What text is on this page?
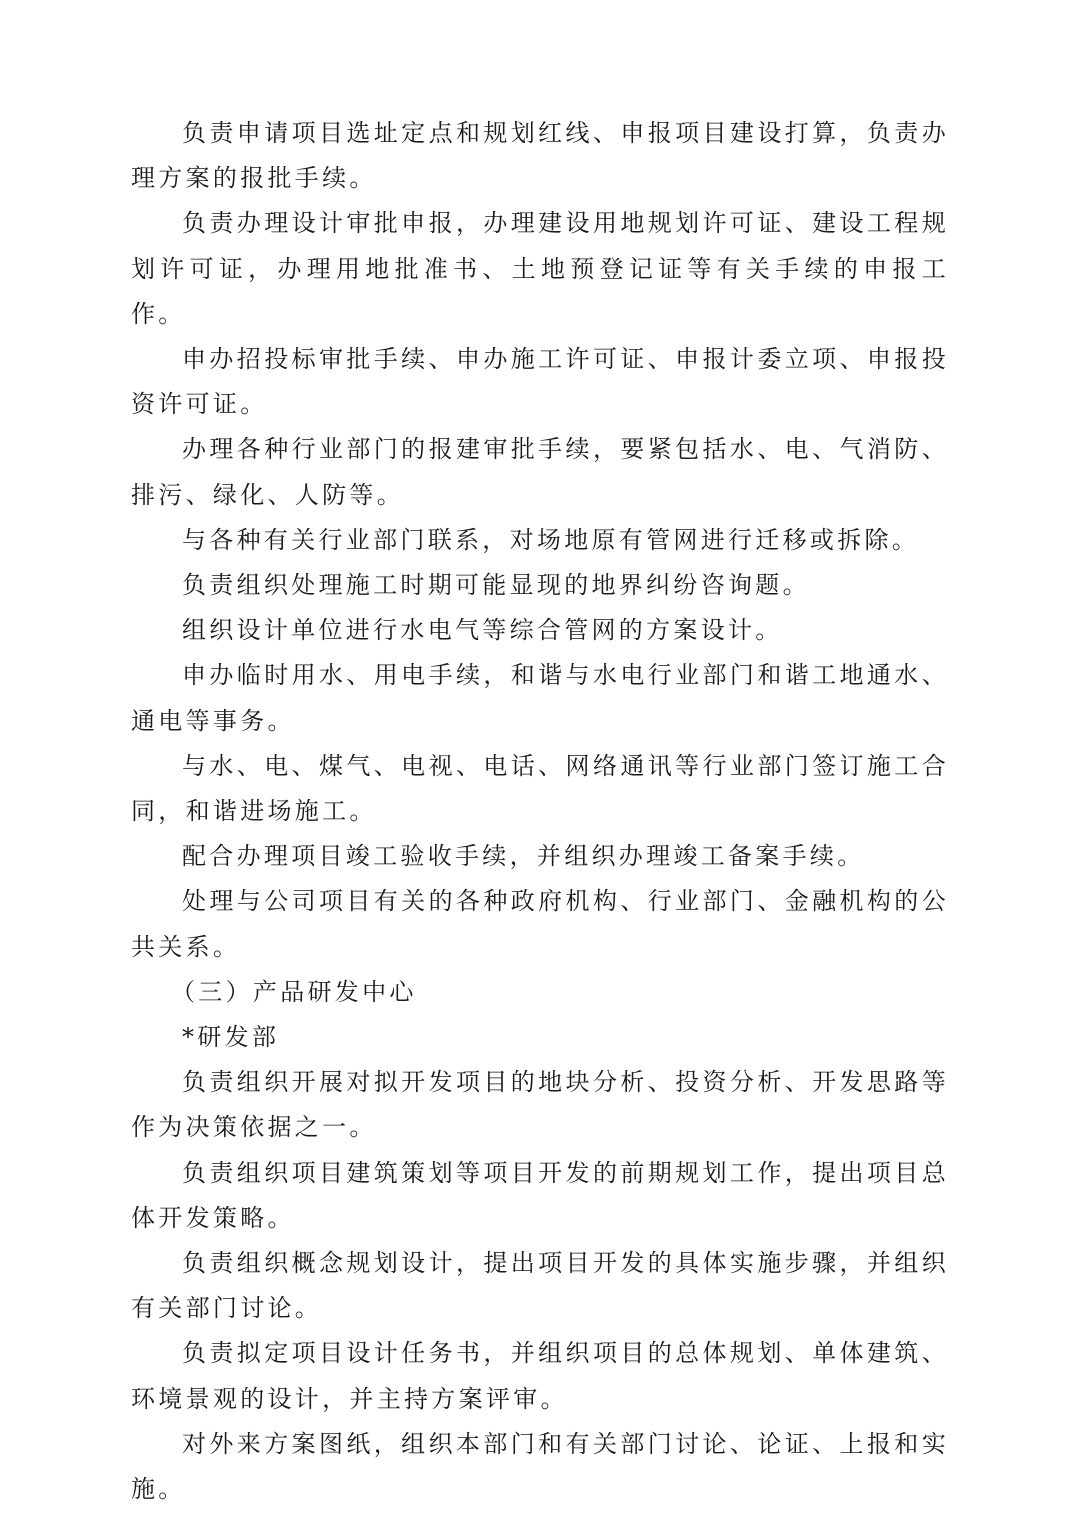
负责申请项目选址定点和规划红线、申报项目建设打算，负责办理方案的报批手续。

负责办理设计审批申报，办理建设用地规划许可证、建设工程规划许可证，办理用地批准书、土地预登记证等有关手续的申报工作。

申办招投标审批手续、申办施工许可证、申报计委立项、申报投资许可证。

办理各种行业部门的报建审批手续，要紧包括水、电、气消防、排污、绿化、人防等。

与各种有关行业部门联系，对场地原有管网进行迁移或拆除。

负责组织处理施工时期可能显现的地界纠纷咨询题。

组织设计单位进行水电气等综合管网的方案设计。

申办临时用水、用电手续，和谐与水电行业部门和谐工地通水、通电等事务。

与水、电、煤气、电视、电话、网络通讯等行业部门签订施工合同，和谐进场施工。

配合办理项目竣工验收手续，并组织办理竣工备案手续。

处理与公司项目有关的各种政府机构、行业部门、金融机构的公共关系。

（三）产品研发中心

*研发部

负责组织开展对拟开发项目的地块分析、投资分析、开发思路等作为决策依据之一。

负责组织项目建筑策划等项目开发的前期规划工作，提出项目总体开发策略。

负责组织概念规划设计，提出项目开发的具体实施步骤，并组织有关部门讨论。

负责拟定项目设计任务书，并组织项目的总体规划、单体建筑、环境景观的设计，并主持方案评审。

对外来方案图纸，组织本部门和有关部门讨论、论证、上报和实施。
